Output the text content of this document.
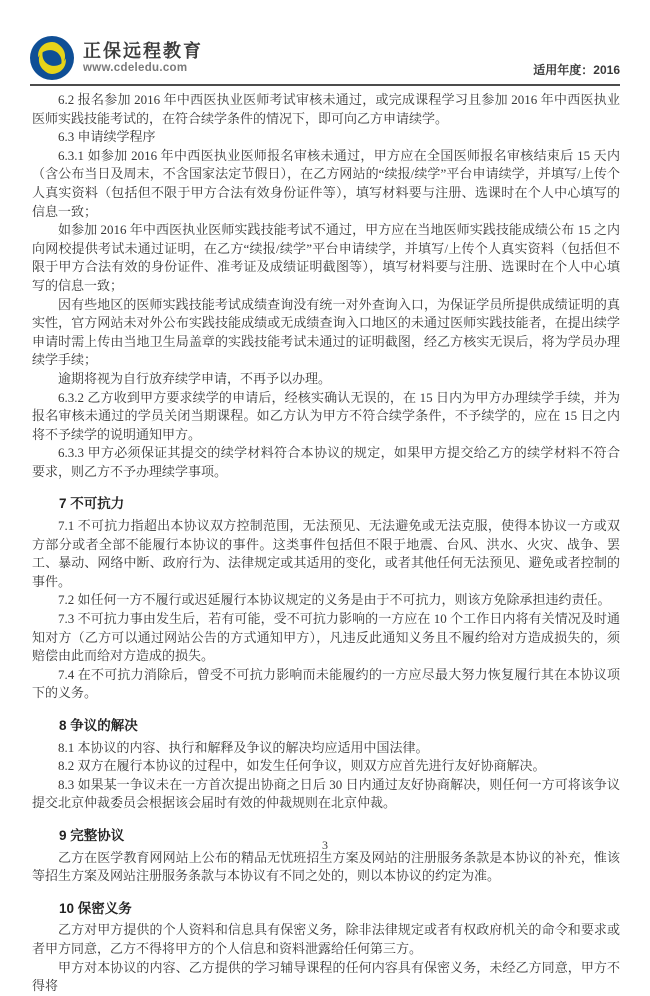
正保远程教育
www.cdeledu.com	适用年度：2016

6.2 报名参加 2016 年中西医执业医师考试审核未通过，或完成课程学习且参加 2016 年中西医执业医师实践技能考试的，在符合续学条件的情况下，即可向乙方申请续学。

6.3 申请续学程序

6.3.1 如参加 2016 年中西医执业医师报名审核未通过，甲方应在全国医师报名审核结束后 15 天内（含公布当日及周末，不含国家法定节假日），在乙方网站的“续报/续学”平台申请续学，并填写/上传个人真实资料（包括但不限于甲方合法有效身份证件等），填写材料要与注册、选课时在个人中心填写的信息一致；

如参加 2016 年中西医执业医师实践技能考试不通过，甲方应在当地医师实践技能成绩公布 15 之内向网校提供考试未通过证明，在乙方“续报/续学”平台申请续学，并填写/上传个人真实资料（包括但不限于甲方合法有效的身份证件、准考证及成绩证明截图等），填写材料要与注册、选课时在个人中心填写的信息一致；

因有些地区的医师实践技能考试成绩查询没有统一对外查询入口，为保证学员所提供成绩证明的真实性，官方网站未对外公布实践技能成绩或无成绩查询入口地区的未通过医师实践技能者，在提出续学申请时需上传由当地卫生局盖章的实践技能考试未通过的证明截图，经乙方核实无误后，将为学员办理续学手续；

逾期将视为自行放弃续学申请，不再予以办理。

6.3.2 乙方收到甲方要求续学的申请后，经核实确认无误的，在 15 日内为甲方办理续学手续，并为报名审核未通过的学员关闭当期课程。如乙方认为甲方不符合续学条件，不予续学的，应在 15 日之内将不予续学的说明通知甲方。

6.3.3 甲方必须保证其提交的续学材料符合本协议的规定，如果甲方提交给乙方的续学材料不符合要求，则乙方不予办理续学事项。

7 不可抗力

7.1 不可抗力指超出本协议双方控制范围，无法预见、无法避免或无法克服，使得本协议一方或双方部分或者全部不能履行本协议的事件。这类事件包括但不限于地震、台风、洪水、火灾、战争、罢工、暴动、网络中断、政府行为、法律规定或其适用的变化，或者其他任何无法预见、避免或者控制的事件。

7.2 如任何一方不履行或迟延履行本协议规定的义务是由于不可抗力，则该方免除承担违约责任。

7.3 不可抗力事由发生后，若有可能，受不可抗力影响的一方应在 10 个工作日内将有关情况及时通知对方（乙方可以通过网站公告的方式通知甲方），凡违反此通知义务且不履约给对方造成损失的，须赔偿由此而给对方造成的损失。

7.4 在不可抗力消除后，曾受不可抗力影响而未能履约的一方应尽最大努力恢复履行其在本协议项下的义务。

8 争议的解决

8.1 本协议的内容、执行和解释及争议的解决均应适用中国法律。

8.2 双方在履行本协议的过程中，如发生任何争议，则双方应首先进行友好协商解决。

8.3 如果某一争议未在一方首次提出协商之日后 30 日内通过友好协商解决，则任何一方可将该争议提交北京仲裁委员会根据该会届时有效的仲裁规则在北京仲裁。

9 完整协议

乙方在医学教育网网站上公布的精品无忧班招生方案及网站的注册服务条款是本协议的补充，惟该等招生方案及网站注册服务条款与本协议有不同之处的，则以本协议的约定为准。

10 保密义务

乙方对甲方提供的个人资料和信息具有保密义务，除非法律规定或者有权政府机关的命令和要求或者甲方同意，乙方不得将甲方的个人信息和资料泄露给任何第三方。

甲方对本协议的内容、乙方提供的学习辅导课程的任何内容具有保密义务，未经乙方同意，甲方不得将

3
